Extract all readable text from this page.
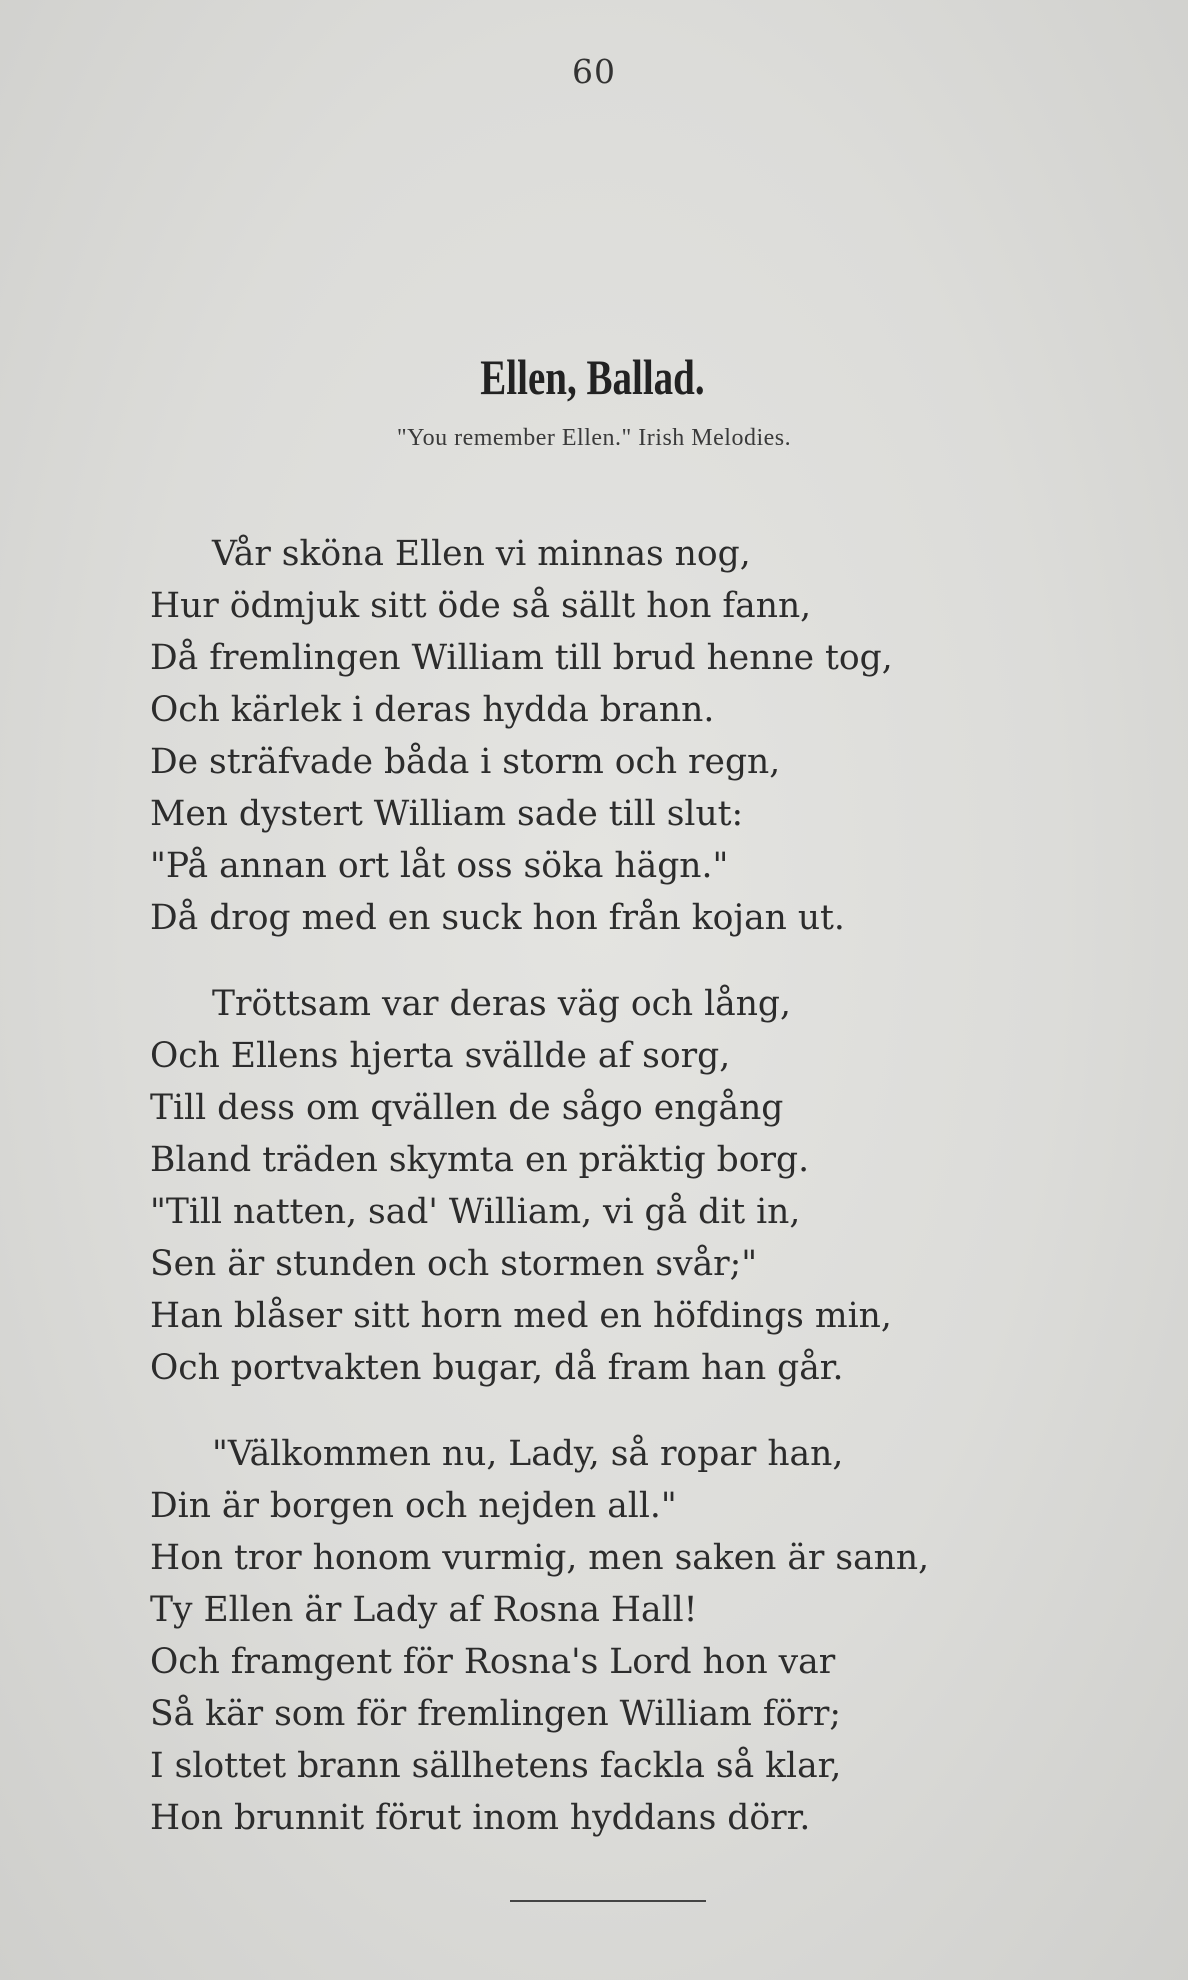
60
Ellen, Ballad.
"You remember Ellen." Irish Melodies.
Vår sköna Ellen vi minnas nog,
Hur ödmjuk sitt öde så sällt hon fann,
Då fremlingen William till brud henne tog,
Och kärlek i deras hydda brann.
De sträfvade båda i storm och regn,
Men dystert William sade till slut:
"På annan ort låt oss söka hägn."
Då drog med en suck hon från kojan ut.
Tröttsam var deras väg och lång,
Och Ellens hjerta svällde af sorg,
Till dess om qvällen de sågo engång
Bland träden skymta en präktig borg.
"Till natten, sad' William, vi gå dit in,
Sen är stunden och stormen svår;"
Han blåser sitt horn med en höfdings min,
Och portvakten bugar, då fram han går.
"Välkommen nu, Lady, så ropar han,
Din är borgen och nejden all."
Hon tror honom vurmig, men saken är sann,
Ty Ellen är Lady af Rosna Hall!
Och framgent för Rosna's Lord hon var
Så kär som för fremlingen William förr;
I slottet brann sällhetens fackla så klar,
Hon brunnit förut inom hyddans dörr.
